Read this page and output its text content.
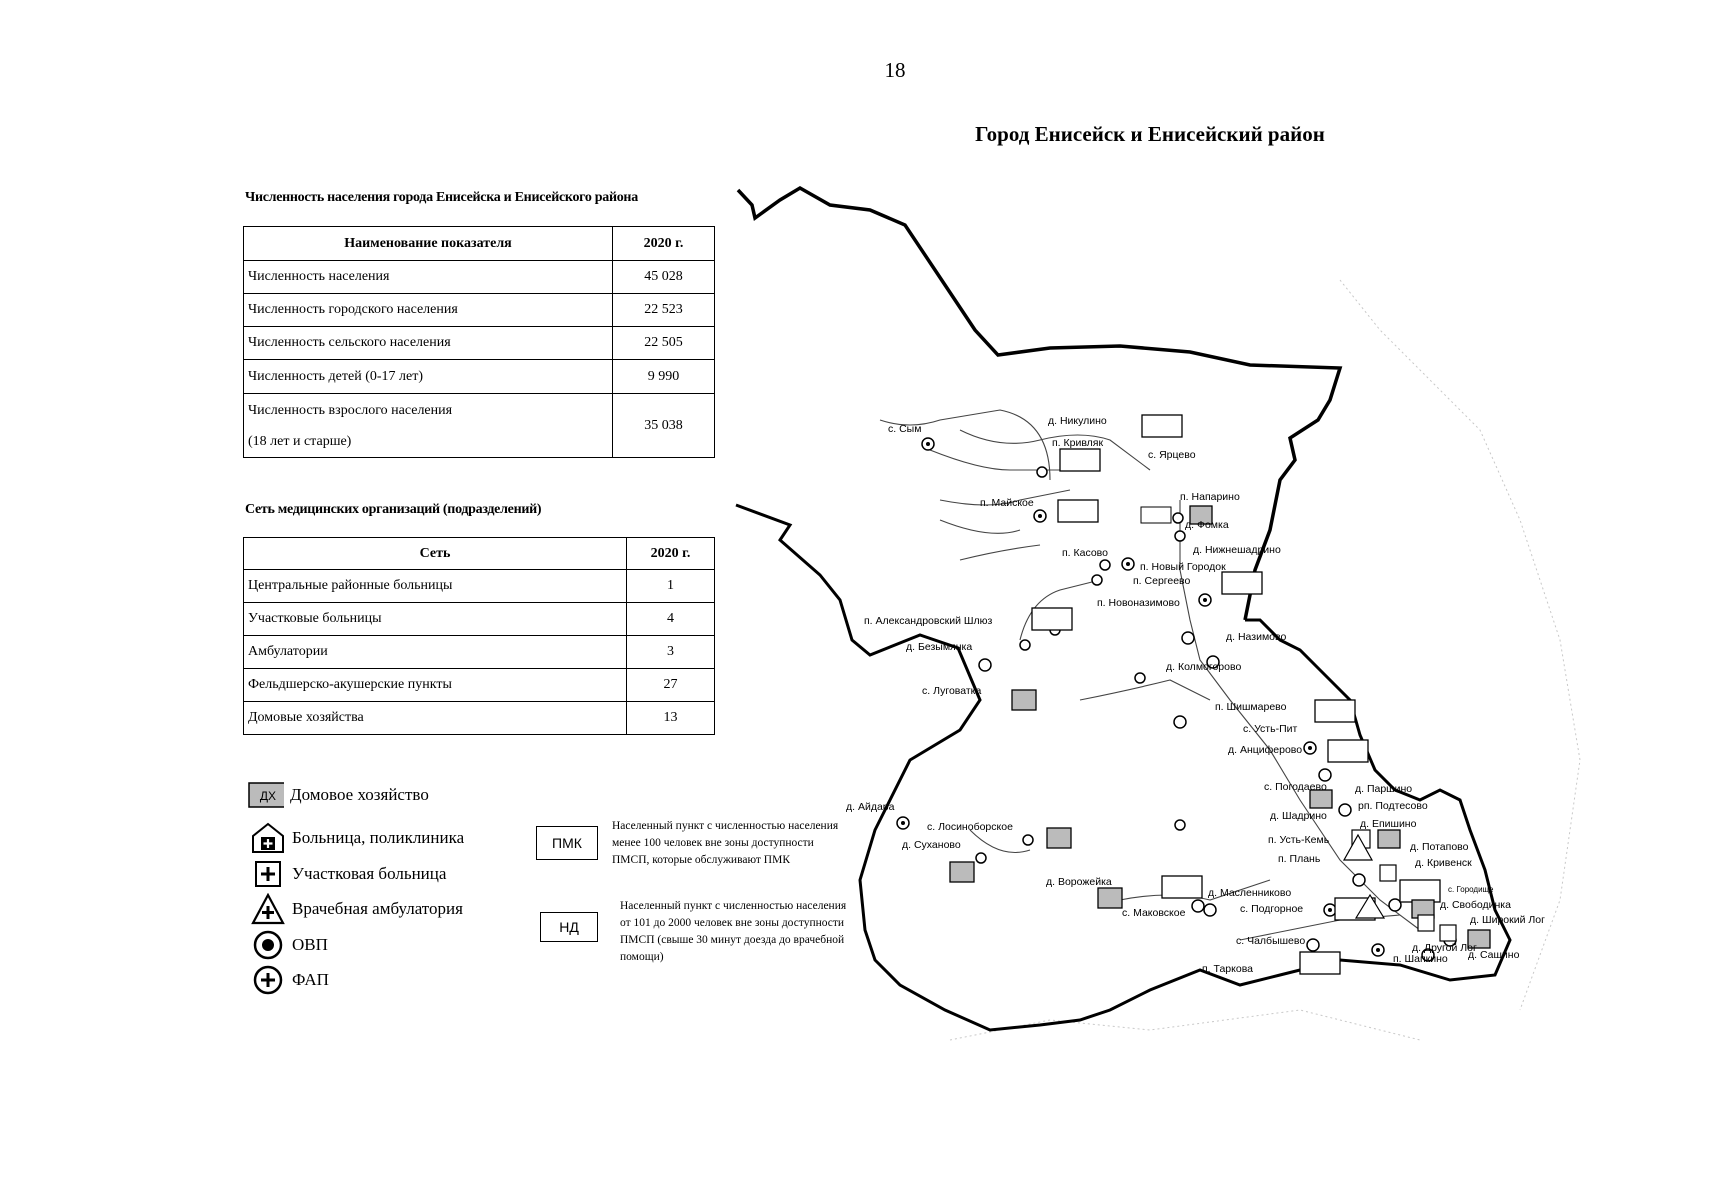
18
Город Енисейск и Енисейский район
Численность населения города Енисейска и Енисейского района
Наименование показателя	2020 г.
Численность населения	45 028
Численность городского населения	22 523
Численность сельского населения	22 505
Численность детей (0-17 лет)	9 990
Численность взрослого населения
(18 лет и старше)	35 038
Сеть медицинских организаций (подразделений)
Сеть	2020 г.
Центральные районные больницы	1
Участковые больницы	4
Амбулатории	3
Фельдшерско-акушерские пункты	27
Домовые хозяйства	13
ДХ Домовое хозяйство
Больница, поликлиника
Участковая больница
Врачебная амбулатория
ОВП
ФАП
ПМК
Населенный пункт с численностью населения менее 100 человек вне зоны доступности ПМСП, которые обслуживают ПМК
НД
Населенный пункт с численностью населения от 101 до 2000 человек вне зоны доступности ПМСП (свыше 30 минут доезда до врачебной помощи)
д. Никулино
п. Кривляк
с. Ярцево
с. Сым
п. Майское	п. Напарино
д. Фомка
д. Нижнешадрино
п. Касово
п. Новый Городок
п. Сергеево
п. Новоназимово
п. Александровский Шлюз
д. Безымянка
д. Назимово
д. Колмогорово
с. Луговатка
п. Шишмарево
с. Усть-Пит
д. Анциферово
д. Айдара
с. Лосиноборское
д. Суханово
с. Погодаево	д. Паршино
рп. Подтесово
д. Шадрино
д. Епишино
п. Усть-Кемь
д. Потапово
п. Плань	д. Кривенск
д. Ворожейка
д. Масленниково	с. Городище
с. Маковское	с. Подгорное	д. Свободинка
д. Широкий Лог
с. Чалбышево
д. Другой Лог
п. Шапкино д. Сашино
п. Таркова
